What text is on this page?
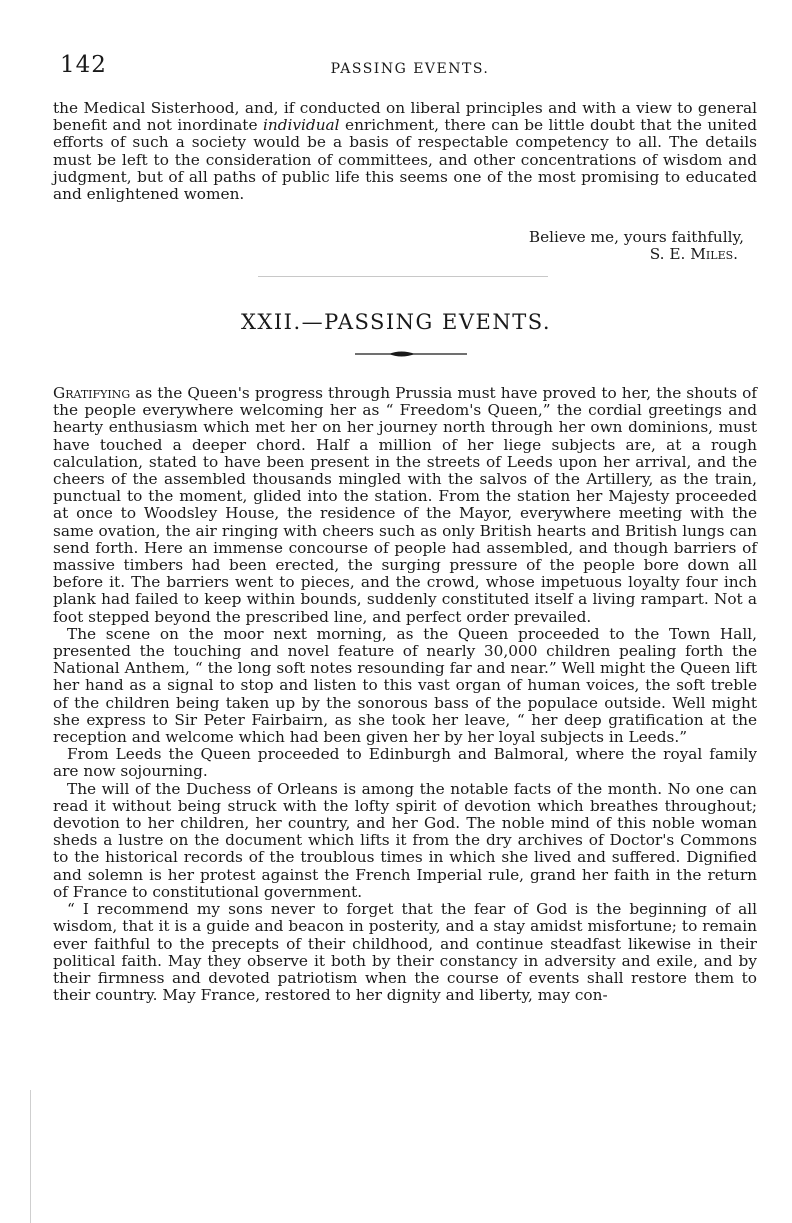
142	PASSING EVENTS.

the Medical Sisterhood, and, if conducted on liberal principles and with a view to general benefit and not inordinate individual enrichment, there can be little doubt that the united efforts of such a society would be a basis of respectable competency to all. The details must be left to the consideration of committees, and other concentrations of wisdom and judgment, but of all paths of public life this seems one of the most promising to educated and enlightened women.

Believe me, yours faithfully,
S. E. Miles.
XXII.—PASSING EVENTS.

Gratifying as the Queen's progress through Prussia must have proved to her, the shouts of the people everywhere welcoming her as “ Freedom's Queen,” the cordial greetings and hearty enthusiasm which met her on her journey north through her own dominions, must have touched a deeper chord. Half a million of her liege subjects are, at a rough calculation, stated to have been present in the streets of Leeds upon her arrival, and the cheers of the assembled thousands mingled with the salvos of the Artillery, as the train, punctual to the moment, glided into the station. From the station her Majesty proceeded at once to Woodsley House, the residence of the Mayor, everywhere meeting with the same ovation, the air ringing with cheers such as only British hearts and British lungs can send forth. Here an immense concourse of people had assembled, and though barriers of massive timbers had been erected, the surging pressure of the people bore down all before it. The barriers went to pieces, and the crowd, whose impetuous loyalty four inch plank had failed to keep within bounds, suddenly constituted itself a living rampart. Not a foot stepped beyond the prescribed line, and perfect order prevailed.

The scene on the moor next morning, as the Queen proceeded to the Town Hall, presented the touching and novel feature of nearly 30,000 children pealing forth the National Anthem, “ the long soft notes resounding far and near.” Well might the Queen lift her hand as a signal to stop and listen to this vast organ of human voices, the soft treble of the children being taken up by the sonorous bass of the populace outside. Well might she express to Sir Peter Fairbairn, as she took her leave, “ her deep gratification at the reception and welcome which had been given her by her loyal subjects in Leeds.”

From Leeds the Queen proceeded to Edinburgh and Balmoral, where the royal family are now sojourning.

The will of the Duchess of Orleans is among the notable facts of the month. No one can read it without being struck with the lofty spirit of devotion which breathes throughout; devotion to her children, her country, and her God. The noble mind of this noble woman sheds a lustre on the document which lifts it from the dry archives of Doctor's Commons to the historical records of the troublous times in which she lived and suffered. Dignified and solemn is her protest against the French Imperial rule, grand her faith in the return of France to constitutional government.

“ I recommend my sons never to forget that the fear of God is the beginning of all wisdom, that it is a guide and beacon in posterity, and a stay amidst misfortune; to remain ever faithful to the precepts of their childhood, and continue steadfast likewise in their political faith. May they observe it both by their constancy in adversity and exile, and by their firmness and devoted patriotism when the course of events shall restore them to their country. May France, restored to her dignity and liberty, may con-
